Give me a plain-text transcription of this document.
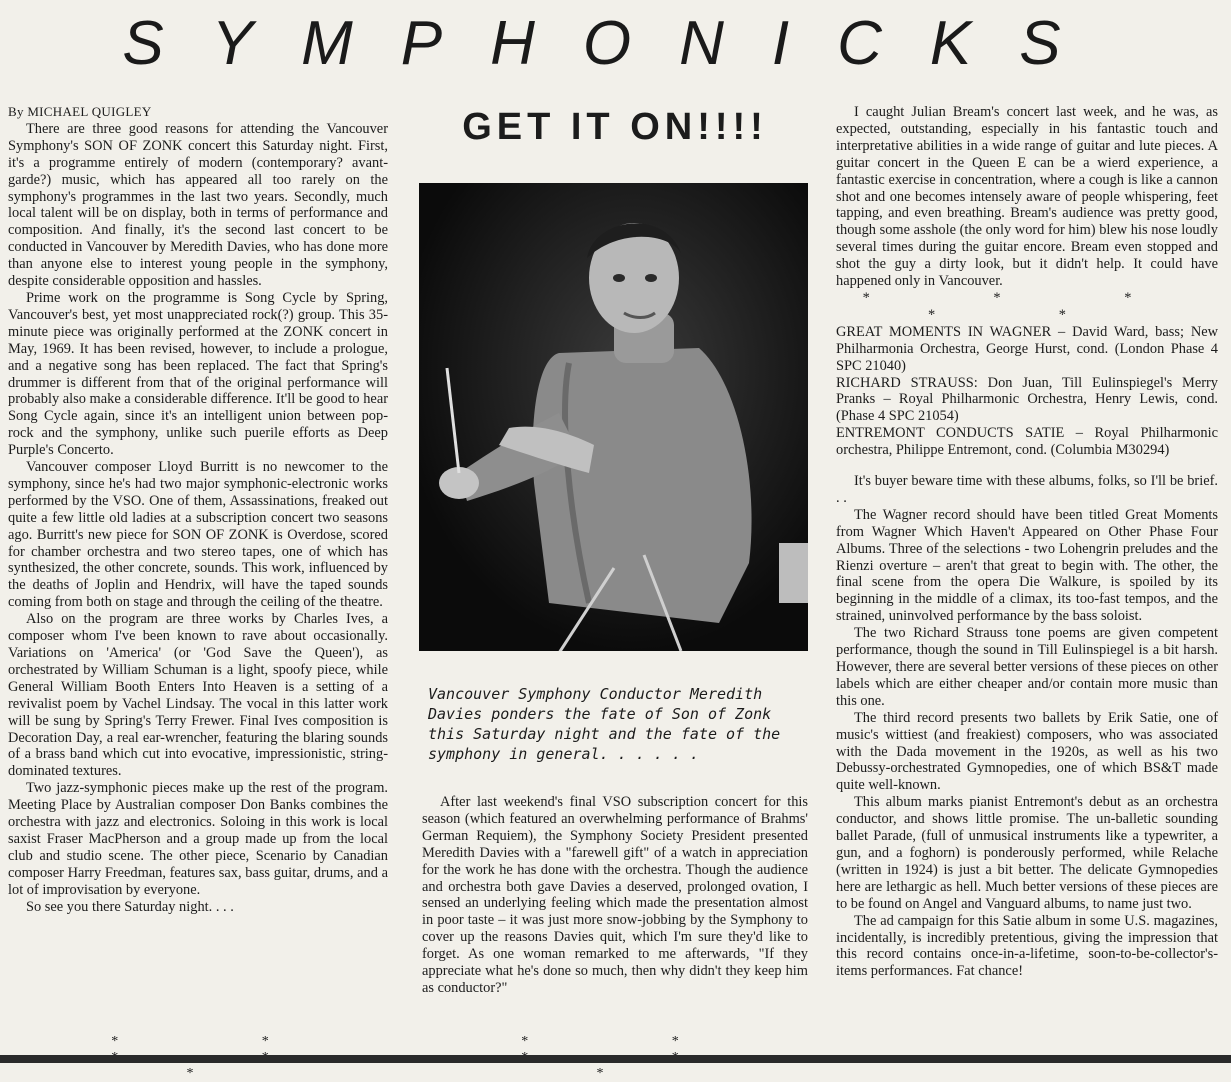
SYMPHONICKS

By MICHAEL QUIGLEY

There are three good reasons for attending the Vancouver Symphony's SON OF ZONK concert this Saturday night. First, it's a programme entirely of modern (contemporary? avant-garde?) music, which has appeared all too rarely on the symphony's programmes in the last two years. Secondly, much local talent will be on display, both in terms of performance and composition. And finally, it's the second last concert to be conducted in Vancouver by Meredith Davies, who has done more than anyone else to interest young people in the symphony, despite considerable opposition and hassles.

Prime work on the programme is Song Cycle by Spring, Vancouver's best, yet most unappreciated rock(?) group. This 35-minute piece was originally performed at the ZONK concert in May, 1969. It has been revised, however, to include a prologue, and a negative song has been replaced. The fact that Spring's drummer is different from that of the original performance will probably also make a considerable difference. It'll be good to hear Song Cycle again, since it's an intelligent union between pop-rock and the symphony, unlike such puerile efforts as Deep Purple's Concerto.

Vancouver composer Lloyd Burritt is no newcomer to the symphony, since he's had two major symphonic-electronic works performed by the VSO. One of them, Assassinations, freaked out quite a few little old ladies at a subscription concert two seasons ago. Burritt's new piece for SON OF ZONK is Overdose, scored for chamber orchestra and two stereo tapes, one of which has synthesized, the other concrete, sounds. This work, influenced by the deaths of Joplin and Hendrix, will have the taped sounds coming from both on stage and through the ceiling of the theatre.

Also on the program are three works by Charles Ives, a composer whom I've been known to rave about occasionally. Variations on 'America' (or 'God Save the Queen'), as orchestrated by William Schuman is a light, spoofy piece, while General William Booth Enters Into Heaven is a setting of a revivalist poem by Vachel Lindsay. The vocal in this latter work will be sung by Spring's Terry Frewer. Final Ives composition is Decoration Day, a real ear-wrencher, featuring the blaring sounds of a brass band which cut into evocative, impressionistic, string-dominated textures.

Two jazz-symphonic pieces make up the rest of the program. Meeting Place by Australian composer Don Banks combines the orchestra with jazz and electronics. Soloing in this work is local saxist Fraser MacPherson and a group made up from the local club and studio scene. The other piece, Scenario by Canadian composer Harry Freedman, features sax, bass guitar, drums, and a lot of improvisation by everyone.

So see you there Saturday night. . . .

GET IT ON!!!!
Vancouver Symphony Conductor Meredith Davies ponders the fate of Son of Zonk this Saturday night and the fate of the symphony in general. . . . . .

After last weekend's final VSO subscription concert for this season (which featured an overwhelming performance of Brahms' German Requiem), the Symphony Society President presented Meredith Davies with a "farewell gift" of a watch in appreciation for the work he has done with the orchestra. Though the audience and orchestra both gave Davies a deserved, prolonged ovation, I sensed an underlying feeling which made the presentation almost in poor taste – it was just more snow-jobbing by the Symphony to cover up the reasons Davies quit, which I'm sure they'd like to forget. As one woman remarked to me afterwards, "If they appreciate what he's done so much, then why didn't they keep him as conductor?"

I caught Julian Bream's concert last week, and he was, as expected, outstanding, especially in his fantastic touch and interpretative abilities in a wide range of guitar and lute pieces. A guitar concert in the Queen E can be a wierd experience, a fantastic exercise in concentration, where a cough is like a cannon shot and one becomes intensely aware of people whispering, feet tapping, and even breathing. Bream's audience was pretty good, though some asshole (the only word for him) blew his nose loudly several times during the guitar encore. Bream even stopped and shot the guy a dirty look, but it didn't help. It could have happened only in Vancouver.

* * * * *

GREAT MOMENTS IN WAGNER – David Ward, bass; New Philharmonia Orchestra, George Hurst, cond. (London Phase 4 SPC 21040)

RICHARD STRAUSS: Don Juan, Till Eulinspiegel's Merry Pranks – Royal Philharmonic Orchestra, Henry Lewis, cond. (Phase 4 SPC 21054)

ENTREMONT CONDUCTS SATIE – Royal Philharmonic orchestra, Philippe Entremont, cond. (Columbia M30294)

It's buyer beware time with these albums, folks, so I'll be brief. . .

The Wagner record should have been titled Great Moments from Wagner Which Haven't Appeared on Other Phase Four Albums. Three of the selections - two Lohengrin preludes and the Rienzi overture – aren't that great to begin with. The other, the final scene from the opera Die Walkure, is spoiled by its beginning in the middle of a climax, its too-fast tempos, and the strained, uninvolved performance by the bass soloist.

The two Richard Strauss tone poems are given competent performance, though the sound in Till Eulinspiegel is a bit harsh. However, there are several better versions of these pieces on other labels which are either cheaper and/or contain more music than this one.

The third record presents two ballets by Erik Satie, one of music's wittiest (and freakiest) composers, who was associated with the Dada movement in the 1920s, as well as his two Debussy-orchestrated Gymnopedies, one of which BS&T made quite well-known.

This album marks pianist Entremont's debut as an orchestra conductor, and shows little promise. The un-balletic sounding ballet Parade, (full of unmusical instruments like a typewriter, a gun, and a foghorn) is ponderously performed, while Relache (written in 1924) is just a bit better. The delicate Gymnopedies here are lethargic as hell. Much better versions of these pieces are to be found on Angel and Vanguard albums, to name just two.

The ad campaign for this Satie album in some U.S. magazines, incidentally, is incredibly pretentious, giving the impression that this record contains once-in-a-lifetime, soon-to-be-collector's-items performances. Fat chance!

* * *
* * *
